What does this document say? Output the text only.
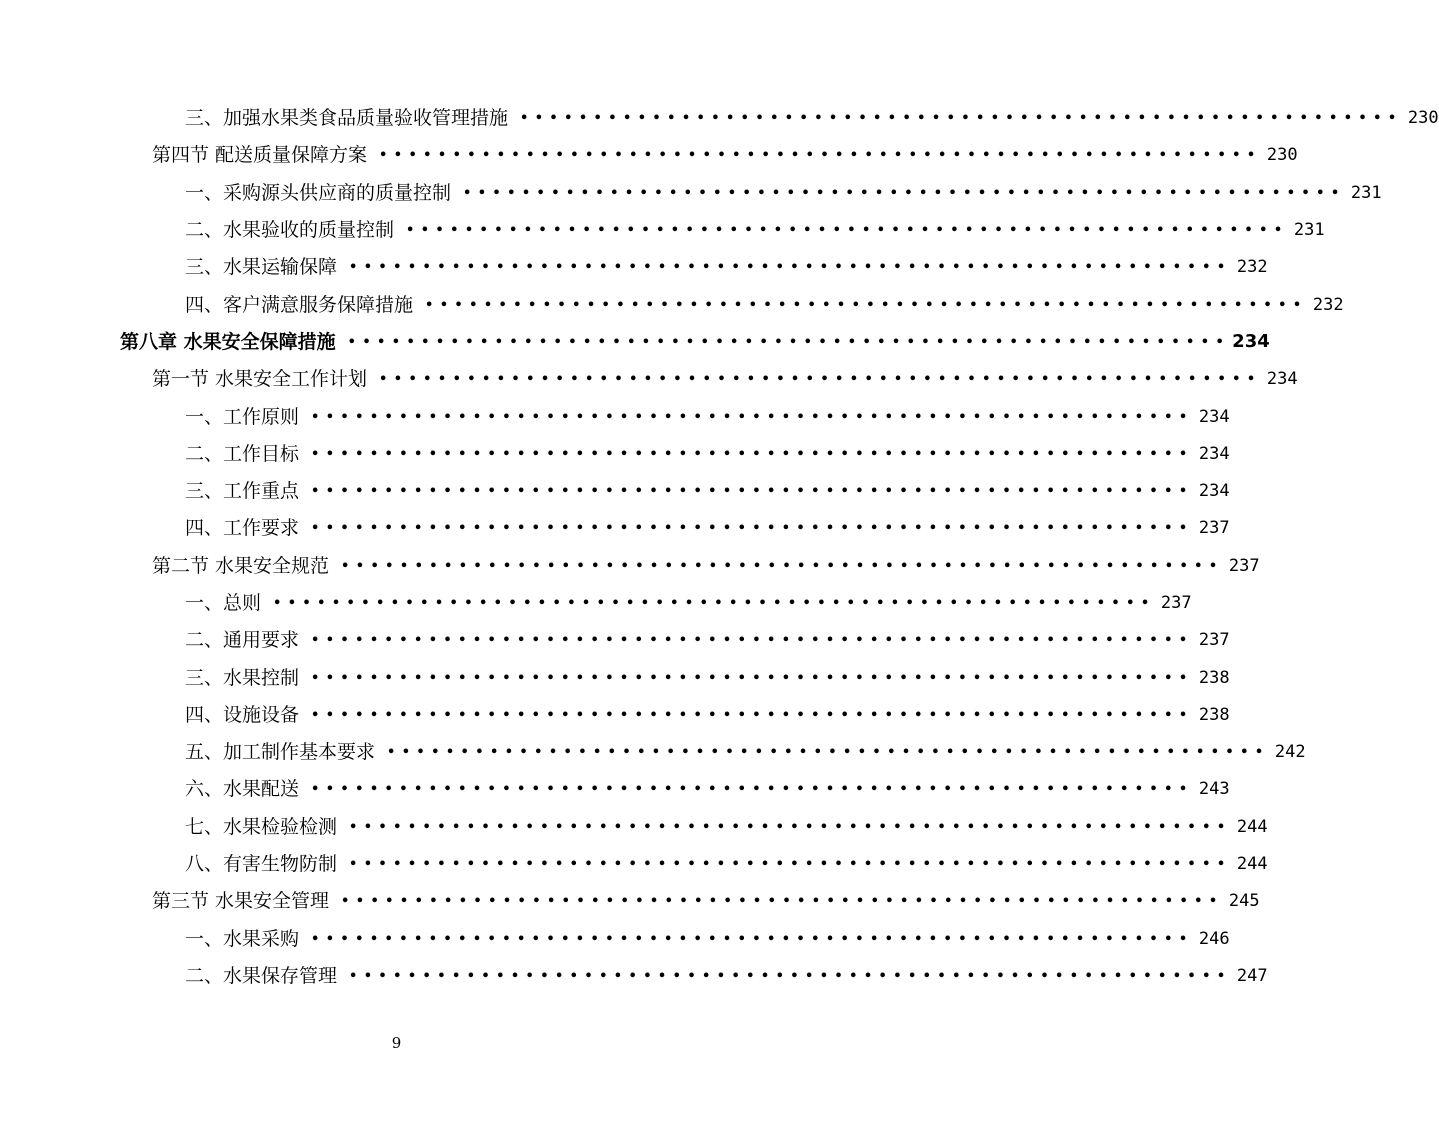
三、加强水果类食品质量验收管理措施 •••••••••••••••••••••••••••••••••••••••••••••••••••••••••••• 230
第四节 配送质量保障方案 •••••••••••••••••••••••••••••••••••••••••••••••••••••••••••• 230
一、采购源头供应商的质量控制 •••••••••••••••••••••••••••••••••••••••••••••••••••••••••••• 231
二、水果验收的质量控制 •••••••••••••••••••••••••••••••••••••••••••••••••••••••••••• 231
三、水果运输保障 •••••••••••••••••••••••••••••••••••••••••••••••••••••••••••• 232
四、客户满意服务保障措施 •••••••••••••••••••••••••••••••••••••••••••••••••••••••••••• 232
第八章 水果安全保障措施 •••••••••••••••••••••••••••••••••••••••••••••••••••••••••••• 234
第一节 水果安全工作计划 •••••••••••••••••••••••••••••••••••••••••••••••••••••••••••• 234
一、工作原则 •••••••••••••••••••••••••••••••••••••••••••••••••••••••••••• 234
二、工作目标 •••••••••••••••••••••••••••••••••••••••••••••••••••••••••••• 234
三、工作重点 •••••••••••••••••••••••••••••••••••••••••••••••••••••••••••• 234
四、工作要求 •••••••••••••••••••••••••••••••••••••••••••••••••••••••••••• 237
第二节 水果安全规范 •••••••••••••••••••••••••••••••••••••••••••••••••••••••••••• 237
一、总则 •••••••••••••••••••••••••••••••••••••••••••••••••••••••••••• 237
二、通用要求 •••••••••••••••••••••••••••••••••••••••••••••••••••••••••••• 237
三、水果控制 •••••••••••••••••••••••••••••••••••••••••••••••••••••••••••• 238
四、设施设备 •••••••••••••••••••••••••••••••••••••••••••••••••••••••••••• 238
五、加工制作基本要求 •••••••••••••••••••••••••••••••••••••••••••••••••••••••••••• 242
六、水果配送 •••••••••••••••••••••••••••••••••••••••••••••••••••••••••••• 243
七、水果检验检测 •••••••••••••••••••••••••••••••••••••••••••••••••••••••••••• 244
八、有害生物防制 •••••••••••••••••••••••••••••••••••••••••••••••••••••••••••• 244
第三节 水果安全管理 •••••••••••••••••••••••••••••••••••••••••••••••••••••••••••• 245
一、水果采购 •••••••••••••••••••••••••••••••••••••••••••••••••••••••••••• 246
二、水果保存管理 •••••••••••••••••••••••••••••••••••••••••••••••••••••••••••• 247
9
